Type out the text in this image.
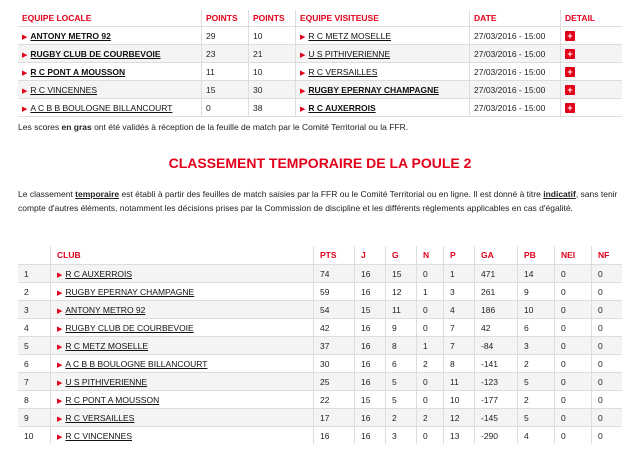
EQUIPE LOCALE	POINTS	POINTS	EQUIPE VISITEUSE	DATE	DETAIL
▶ ANTONY METRO 92	29	10	▶ R C METZ MOSELLE	27/03/2016 - 15:00	+
▶ RUGBY CLUB DE COURBEVOIE	23	21	▶ U S PITHIVERIENNE	27/03/2016 - 15:00	+
▶ R C PONT A MOUSSON	11	10	▶ R C VERSAILLES	27/03/2016 - 15:00	+
▶ R C VINCENNES	15	30	▶ RUGBY EPERNAY CHAMPAGNE	27/03/2016 - 15:00	+
▶ A C B B BOULOGNE BILLANCOURT	0	38	▶ R C AUXERROIS	27/03/2016 - 15:00	+
Les scores en gras ont été validés à réception de la feuille de match par le Comité Territorial ou la FFR.
CLASSEMENT TEMPORAIRE DE LA POULE 2
Le classement temporaire est établi à partir des feuilles de match saisies par la FFR ou le Comité Territorial ou en ligne. Il est donné à titre indicatif, sans tenir compte d'autres éléments, notamment les décisions prises par la Commission de discipline et les différents règlements applicables en cas d'égalité.
	CLUB	PTS	J	G	N	P	GA	PB	NEI	NF
1	▶ R C AUXERROIS	74	16	15	0	1	471	14	0	0
2	▶ RUGBY EPERNAY CHAMPAGNE	59	16	12	1	3	261	9	0	0
3	▶ ANTONY METRO 92	54	15	11	0	4	186	10	0	0
4	▶ RUGBY CLUB DE COURBEVOIE	42	16	9	0	7	42	6	0	0
5	▶ R C METZ MOSELLE	37	16	8	1	7	-84	3	0	0
6	▶ A C B B BOULOGNE BILLANCOURT	30	16	6	2	8	-141	2	0	0
7	▶ U S PITHIVERIENNE	25	16	5	0	11	-123	5	0	0
8	▶ R C PONT A MOUSSON	22	15	5	0	10	-177	2	0	0
9	▶ R C VERSAILLES	17	16	2	2	12	-145	5	0	0
10	▶ R C VINCENNES	16	16	3	0	13	-290	4	0	0
